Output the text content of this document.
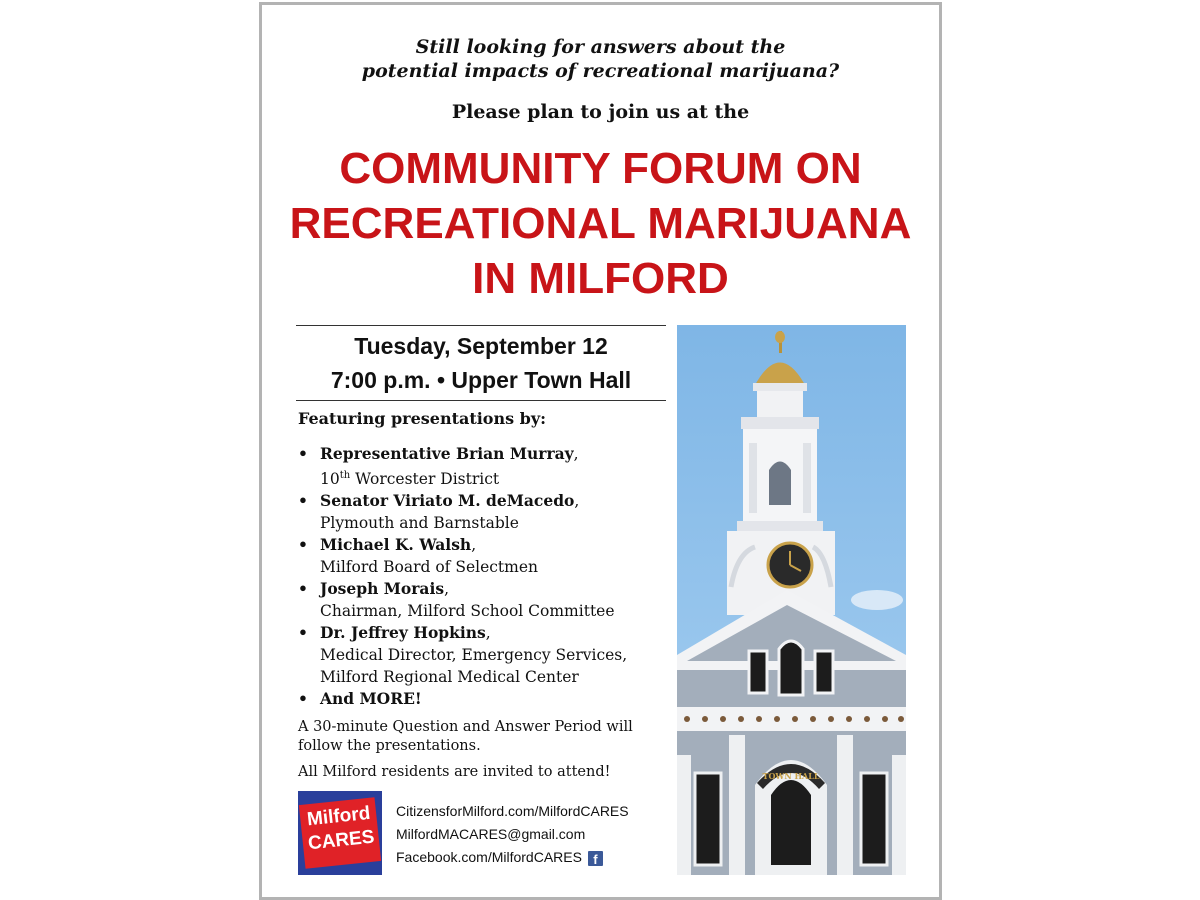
Still looking for answers about the
potential impacts of recreational marijuana?
Please plan to join us at the
COMMUNITY FORUM ON
RECREATIONAL MARIJUANA
IN MILFORD
Tuesday, September 12
7:00 p.m. • Upper Town Hall
Featuring presentations by:
• Representative Brian Murray,
10th Worcester District
• Senator Viriato M. deMacedo,
Plymouth and Barnstable
• Michael K. Walsh,
Milford Board of Selectmen
• Joseph Morais,
Chairman, Milford School Committee
• Dr. Jeffrey Hopkins,
Medical Director, Emergency Services,
Milford Regional Medical Center
• And MORE!
A 30-minute Question and Answer Period will follow the presentations.
All Milford residents are invited to attend!
Milford
CARES
CitizensforMilford.com/MilfordCARES
MilfordMACARES@gmail.com
Facebook.com/MilfordCARES f
TOWN HALL
